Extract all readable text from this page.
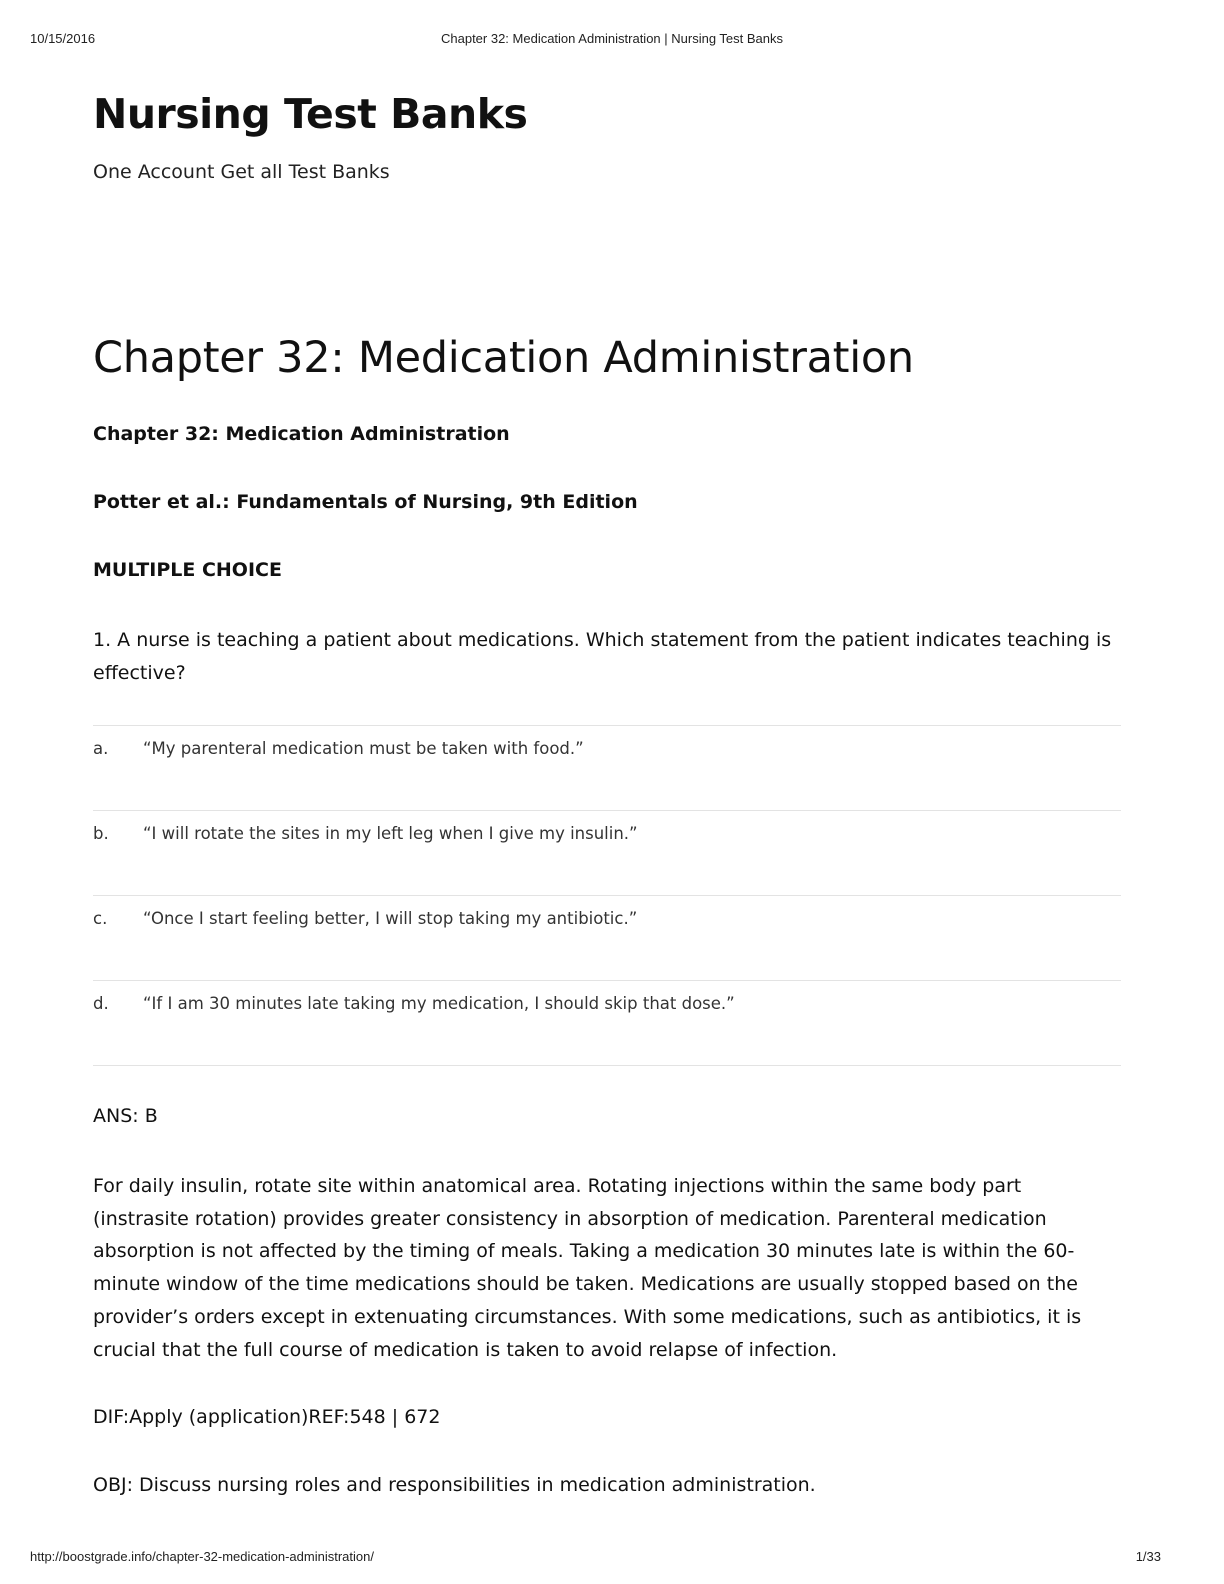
10/15/2016	Chapter 32: Medication Administration | Nursing Test Banks
Nursing Test Banks

One Account Get all Test Banks

Chapter 32: Medication Administration

Chapter 32: Medication Administration

Potter et al.: Fundamentals of Nursing, 9th Edition

MULTIPLE CHOICE

1. A nurse is teaching a patient about medications. Which statement from the patient indicates teaching is effective?

a. “My parenteral medication must be taken with food.”
b. “I will rotate the sites in my left leg when I give my insulin.”
c. “Once I start feeling better, I will stop taking my antibiotic.”
d. “If I am 30 minutes late taking my medication, I should skip that dose.”

ANS: B

For daily insulin, rotate site within anatomical area. Rotating injections within the same body part (instrasite rotation) provides greater consistency in absorption of medication. Parenteral medication absorption is not affected by the timing of meals. Taking a medication 30 minutes late is within the 60-minute window of the time medications should be taken. Medications are usually stopped based on the provider’s orders except in extenuating circumstances. With some medications, such as antibiotics, it is crucial that the full course of medication is taken to avoid relapse of infection.

DIF:Apply (application)REF:548 | 672

OBJ: Discuss nursing roles and responsibilities in medication administration.

http://boostgrade.info/chapter-32-medication-administration/	1/33
